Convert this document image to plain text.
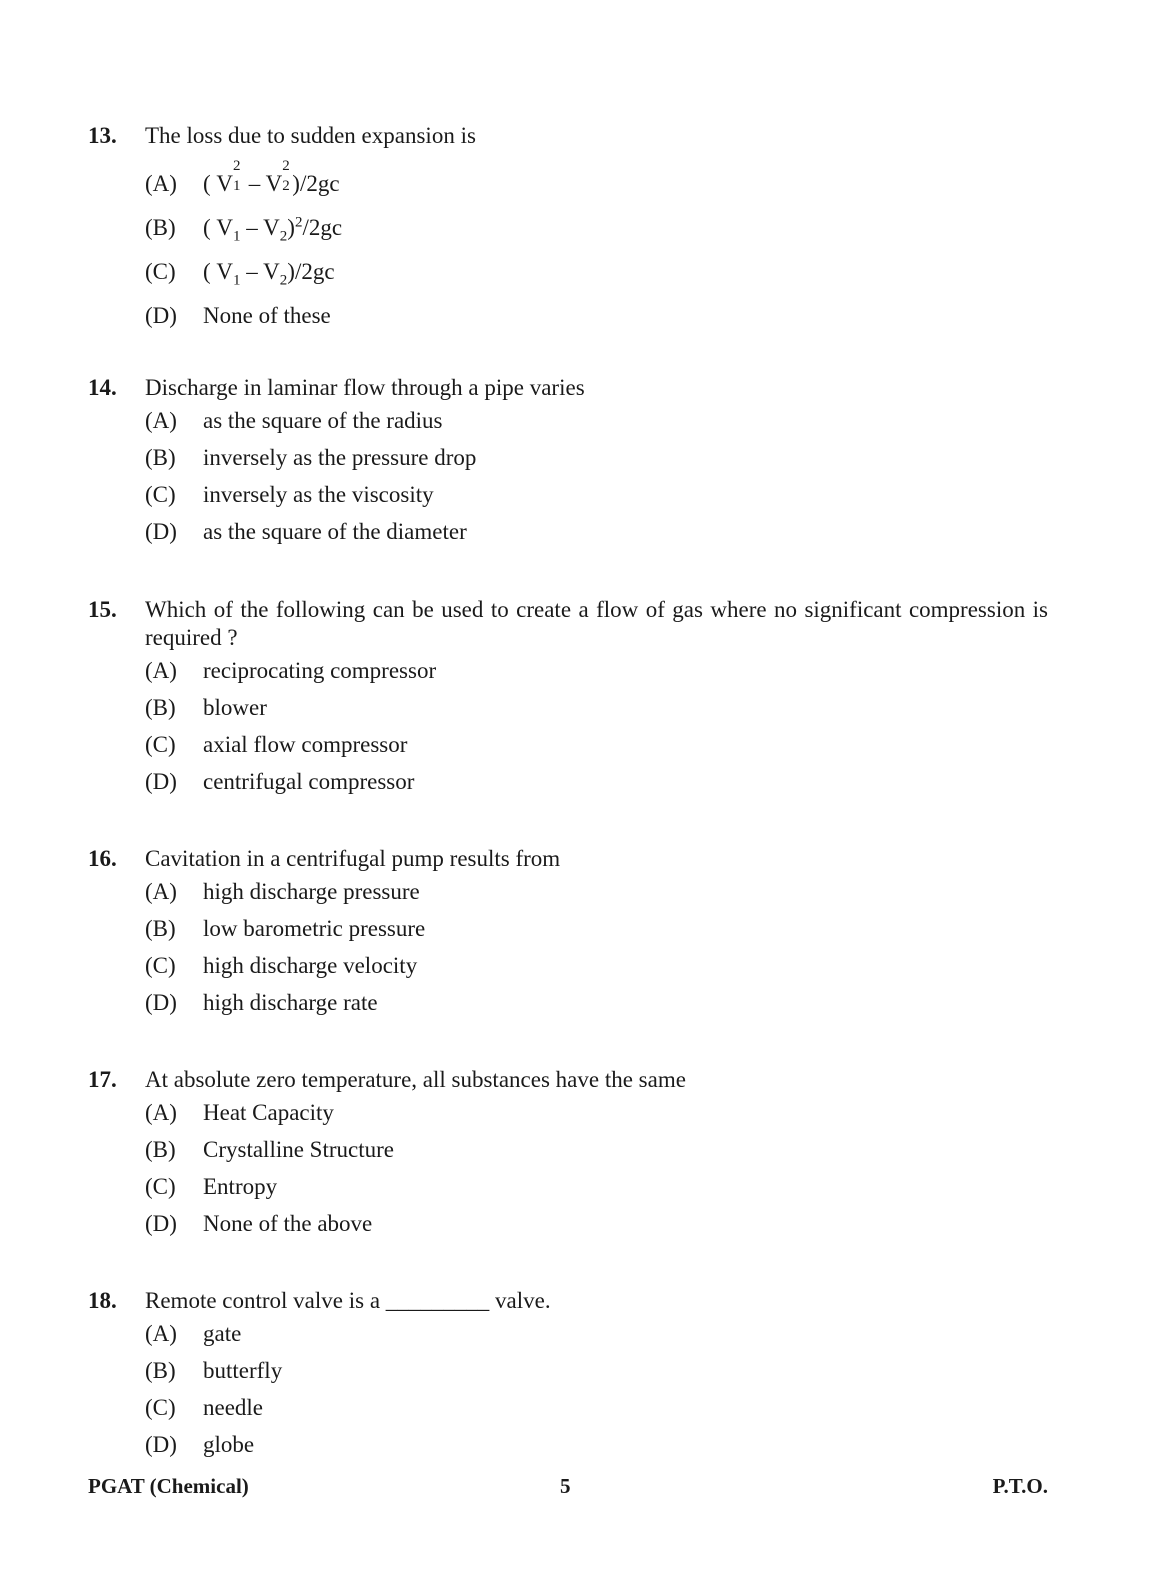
13.	The loss due to sudden expansion is
(A)	( V
2
1 – V
2
2 )/2gc
(B)	( $V_1 - V_2)^2/2gc$
(C)	( $V_1 - V_2)/2gc$
(D)	None of these
14.	Discharge in laminar flow through a pipe varies
(A)	as the square of the radius
(B)	inversely as the pressure drop
(C)	inversely as the viscosity
(D)	as the square of the diameter
15.	Which of the following can be used to create a flow of gas where no significant compression is required ?
(A)	reciprocating compressor
(B)	blower
(C)	axial flow compressor
(D)	centrifugal compressor
16.	Cavitation in a centrifugal pump results from
(A)	high discharge pressure
(B)	low barometric pressure
(C)	high discharge velocity
(D)	high discharge rate
17.	At absolute zero temperature, all substances have the same
(A)	Heat Capacity
(B)	Crystalline Structure
(C)	Entropy
(D)	None of the above
18.	Remote control valve is a _________ valve.
(A)	gate
(B)	butterfly
(C)	needle
(D)	globe
PGAT (Chemical)	5	P.T.O.
